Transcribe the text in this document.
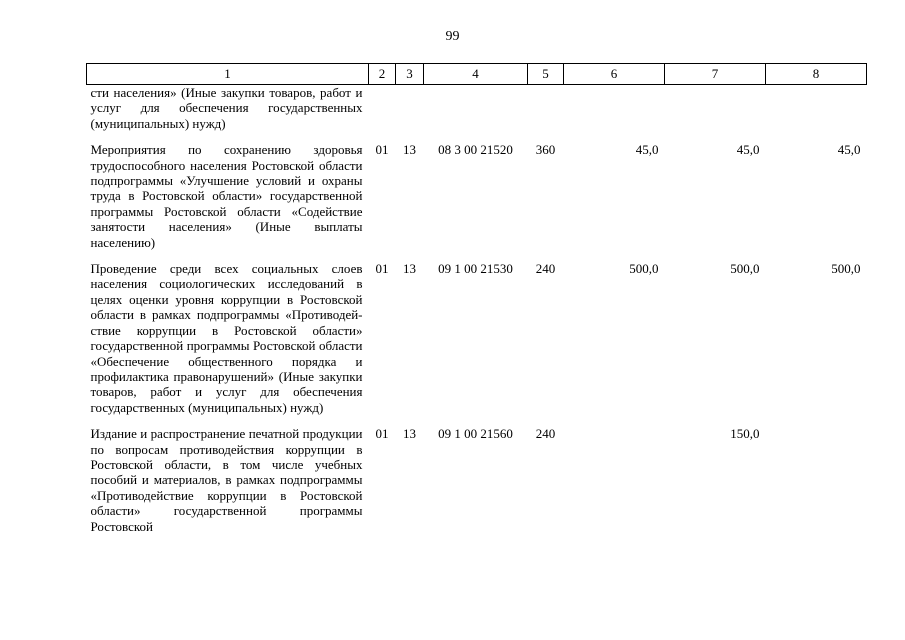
99
1	2	3	4	5	6	7	8
сти населения» (Иные закупки товаров, работ и услуг для обеспечения государственных (муниципальных) нужд)							
Мероприятия по сохранению здоровья трудоспособного населения Ростовской области подпрограммы «Улучшение условий и охраны труда в Ростовской области» государственной программы Ростовской области «Содействие занятости населения» (Иные выплаты населению)	01	13	08 3 00 21520	360	45,0	45,0	45,0
Проведение среди всех социальных слоев населения социологических исследований в целях оценки уровня коррупции в Ростовской области в рамках подпрограммы «Противодей-ствие коррупции в Ростовской области» государственной программы Ростовской области «Обеспечение общественного порядка и профилактика правонарушений» (Иные закупки товаров, работ и услуг для обеспечения государственных (муниципальных) нужд)	01	13	09 1 00 21530	240	500,0	500,0	500,0
Издание и распространение печатной продукции по вопросам противодействия коррупции в Ростовской области, в том числе учебных пособий и материалов, в рамках подпрограммы «Противодействие коррупции в Ростовской области» государственной программы Ростовской	01	13	09 1 00 21560	240		150,0	
